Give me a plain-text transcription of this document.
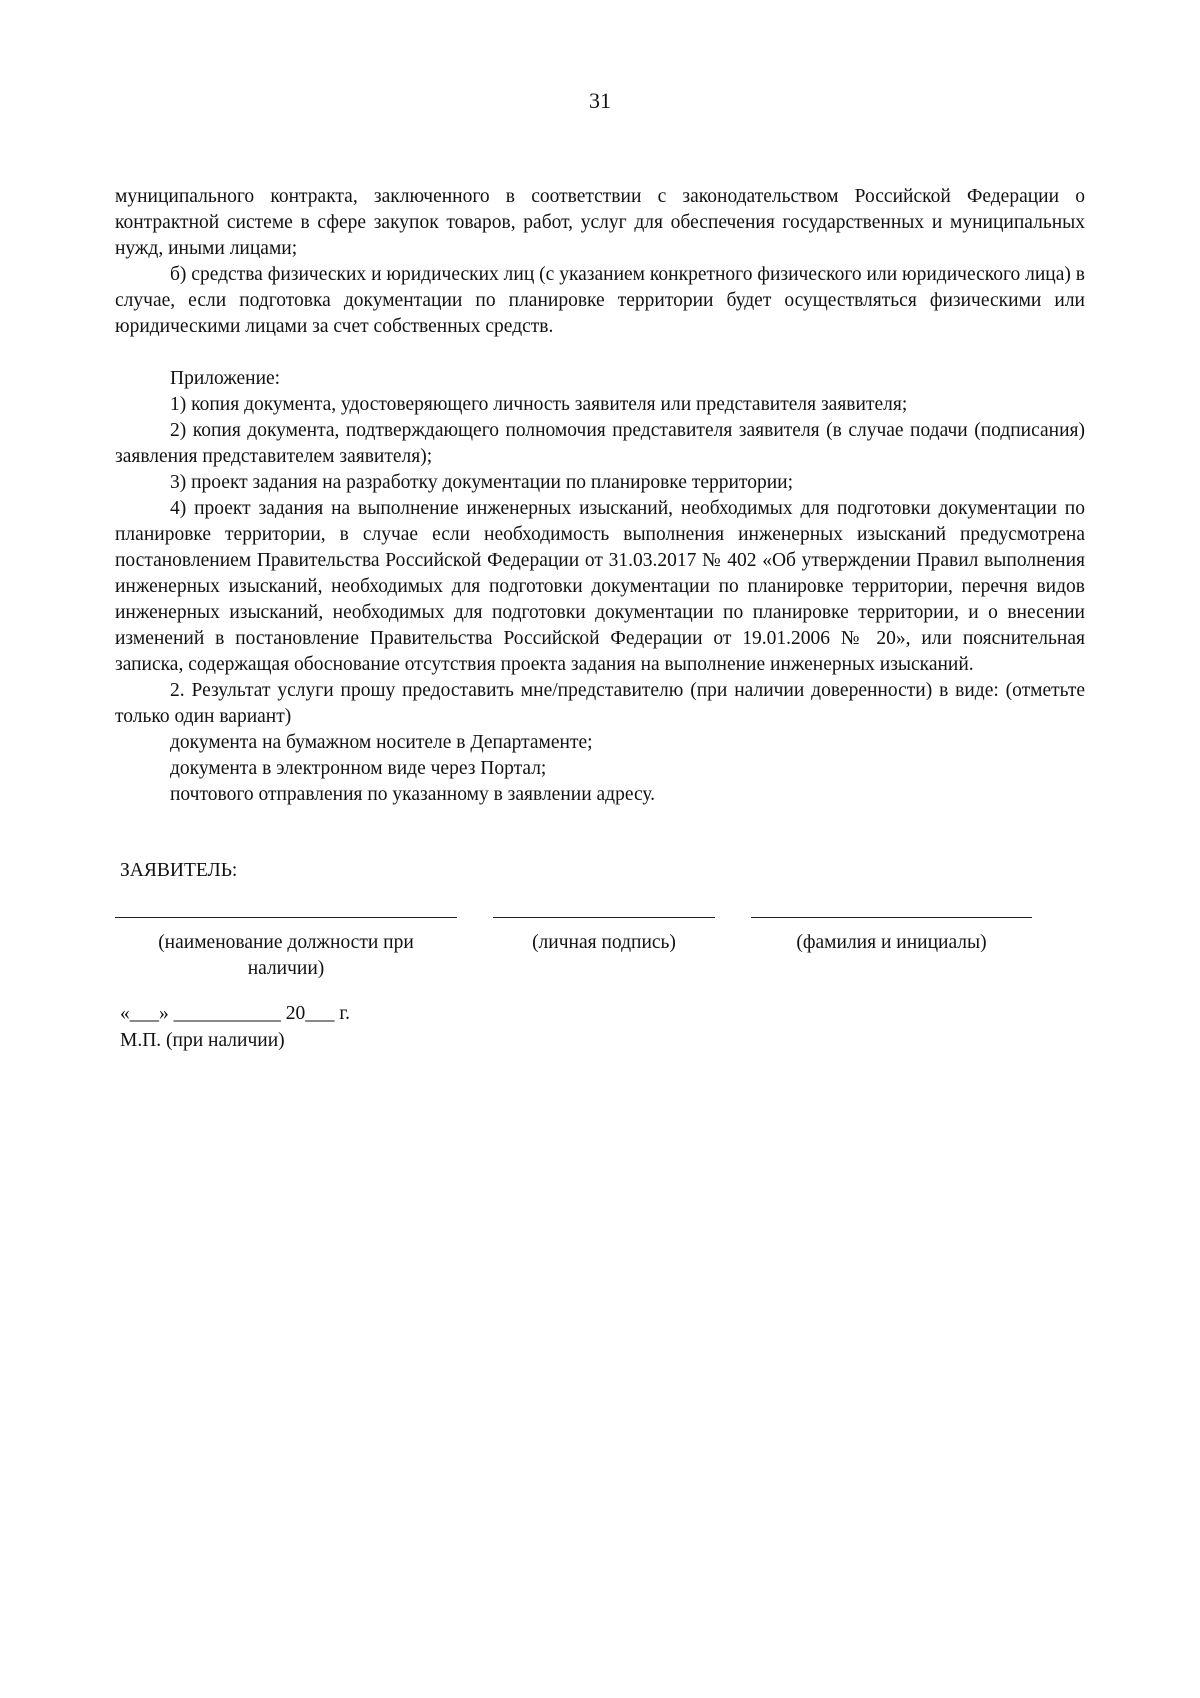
31

муниципального контракта, заключенного в соответствии с законодательством Российской Федерации о контрактной системе в сфере закупок товаров, работ, услуг для обеспечения государственных и муниципальных нужд, иными лицами;

б) средства физических и юридических лиц (с указанием конкретного физического или юридического лица) в случае, если подготовка документации по планировке территории будет осуществляться физическими или юридическими лицами за счет собственных средств.

Приложение:

1) копия документа, удостоверяющего личность заявителя или представителя заявителя;

2) копия документа, подтверждающего полномочия представителя заявителя (в случае подачи (подписания) заявления представителем заявителя);

3) проект задания на разработку документации по планировке территории;

4) проект задания на выполнение инженерных изысканий, необходимых для подготовки документации по планировке территории, в случае если необходимость выполнения инженерных изысканий предусмотрена постановлением Правительства Российской Федерации от 31.03.2017 № 402 «Об утверждении Правил выполнения инженерных изысканий, необходимых для подготовки документации по планировке территории, перечня видов инженерных изысканий, необходимых для подготовки документации по планировке территории, и о внесении изменений в постановление Правительства Российской Федерации от 19.01.2006 № 20», или пояснительная записка, содержащая обоснование отсутствия проекта задания на выполнение инженерных изысканий.

2. Результат услуги прошу предоставить мне/представителю (при наличии доверенности) в виде: (отметьте только один вариант)

документа на бумажном носителе в Департаменте;

документа в электронном виде через Портал;

почтового отправления по указанному в заявлении адресу.

ЗАЯВИТЕЛЬ:
(наименование должности при наличии)
(личная подпись)	(фамилия и инициалы)
«___» ___________ 20___ г.
М.П. (при наличии)
